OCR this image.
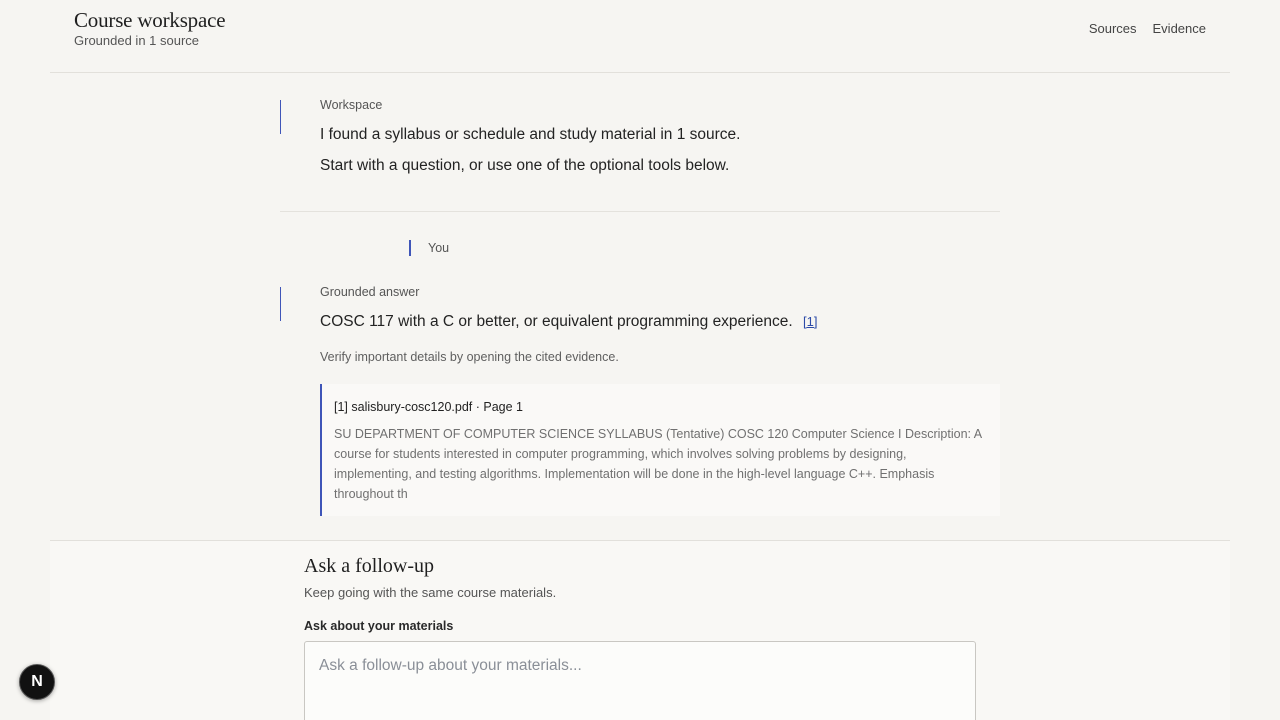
Course workspace
Grounded in 1 source
Sources Evidence
Workspace
I found a syllabus or schedule and study material in 1 source.
Start with a question, or use one of the optional tools below.
You
Grounded answer
COSC 117 with a C or better, or equivalent programming experience. [1]
Verify important details by opening the cited evidence.
[1] salisbury-cosc120.pdf · Page 1
SU DEPARTMENT OF COMPUTER SCIENCE SYLLABUS (Tentative) COSC 120 Computer Science I Description: A course for students interested in computer programming, which involves solving problems by designing, implementing, and testing algorithms. Implementation will be done in the high-level language C++. Emphasis throughout th
Ask a follow-up
Keep going with the same course materials.
Ask about your materials
Ask a follow-up about your materials...
N
